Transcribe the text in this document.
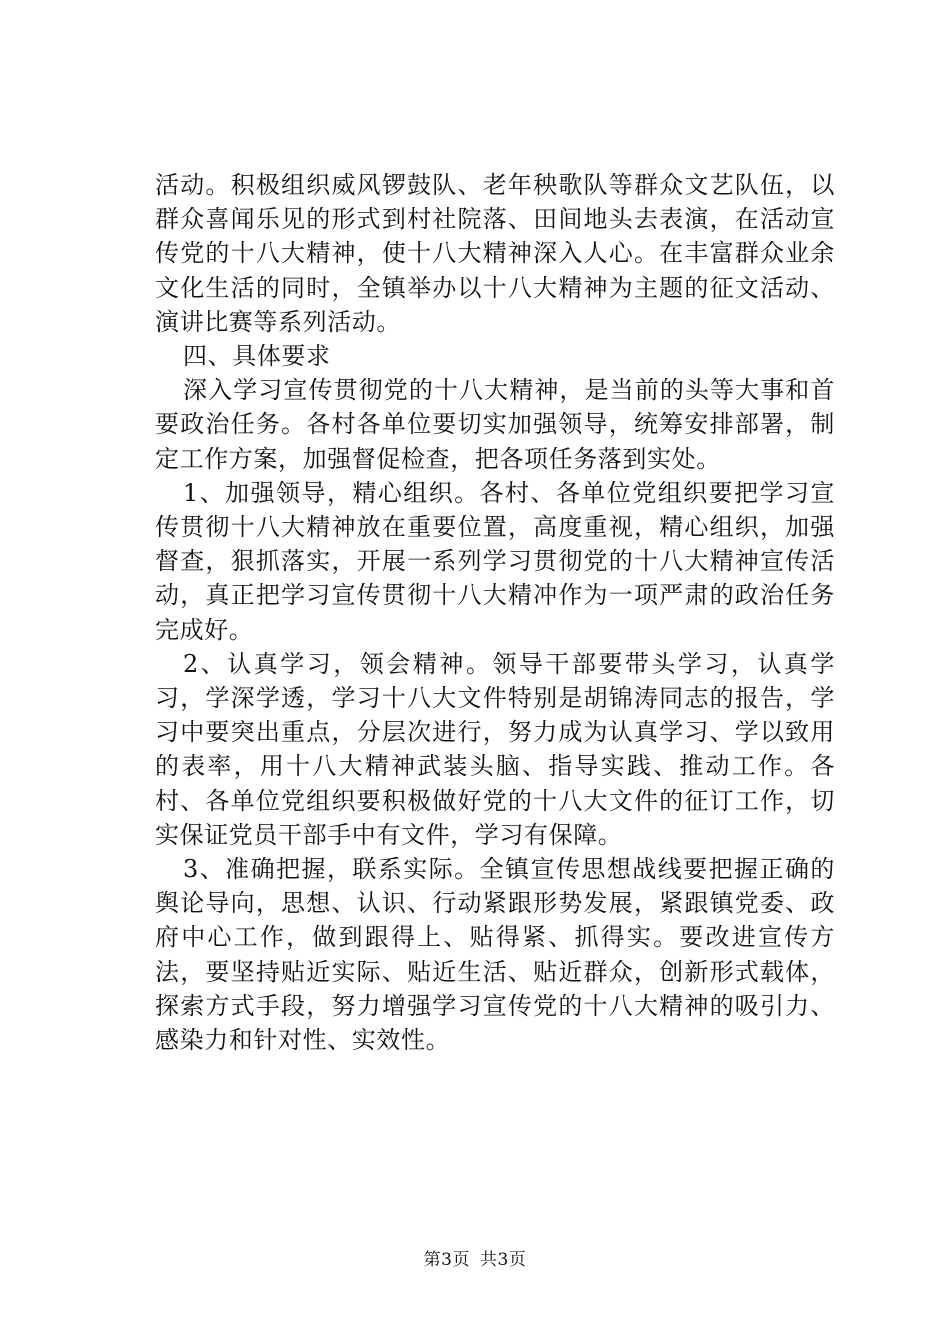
活动。积极组织威风锣鼓队、老年秧歌队等群众文艺队伍，以群众喜闻乐见的形式到村社院落、田间地头去表演，在活动宣传党的十八大精神，使十八大精神深入人心。在丰富群众业余文化生活的同时，全镇举办以十八大精神为主题的征文活动、演讲比赛等系列活动。

四、具体要求

深入学习宣传贯彻党的十八大精神，是当前的头等大事和首要政治任务。各村各单位要切实加强领导，统筹安排部署，制定工作方案，加强督促检查，把各项任务落到实处。

1、加强领导，精心组织。各村、各单位党组织要把学习宣传贯彻十八大精神放在重要位置，高度重视，精心组织，加强督查，狠抓落实，开展一系列学习贯彻党的十八大精神宣传活动，真正把学习宣传贯彻十八大精冲作为一项严肃的政治任务完成好。

2、认真学习，领会精神。领导干部要带头学习，认真学习，学深学透，学习十八大文件特别是胡锦涛同志的报告，学习中要突出重点，分层次进行，努力成为认真学习、学以致用的表率，用十八大精神武装头脑、指导实践、推动工作。各村、各单位党组织要积极做好党的十八大文件的征订工作，切实保证党员干部手中有文件，学习有保障。

3、准确把握，联系实际。全镇宣传思想战线要把握正确的舆论导向，思想、认识、行动紧跟形势发展，紧跟镇党委、政府中心工作，做到跟得上、贴得紧、抓得实。要改进宣传方法，要坚持贴近实际、贴近生活、贴近群众，创新形式载体，探索方式手段，努力增强学习宣传党的十八大精神的吸引力、感染力和针对性、实效性。

第3页 共3页
